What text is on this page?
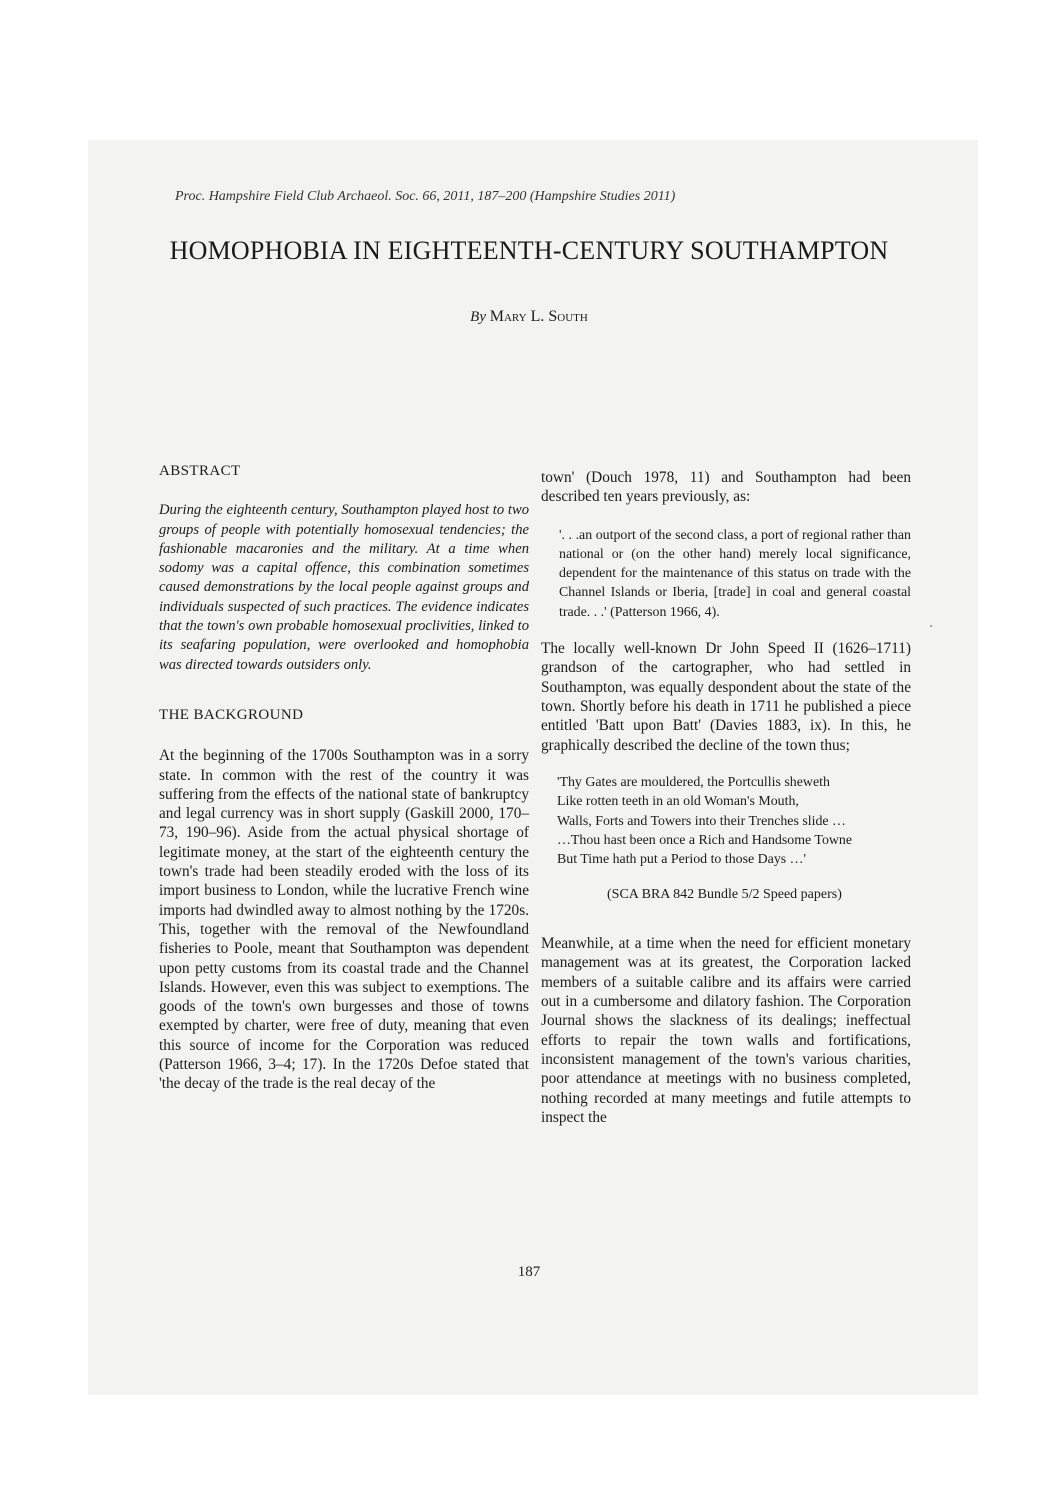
Proc. Hampshire Field Club Archaeol. Soc. 66, 2011, 187–200 (Hampshire Studies 2011)
HOMOPHOBIA IN EIGHTEENTH-CENTURY SOUTHAMPTON
By Mary L. South
ABSTRACT

During the eighteenth century, Southampton played host to two groups of people with potentially homosexual tendencies; the fashionable macaronies and the military. At a time when sodomy was a capital offence, this combination sometimes caused demonstrations by the local people against groups and individuals suspected of such practices. The evidence indicates that the town's own probable homosexual proclivities, linked to its seafaring population, were overlooked and homophobia was directed towards outsiders only.

THE BACKGROUND

At the beginning of the 1700s Southampton was in a sorry state. In common with the rest of the country it was suffering from the effects of the national state of bankruptcy and legal currency was in short supply (Gaskill 2000, 170–73, 190–96). Aside from the actual physical shortage of legitimate money, at the start of the eighteenth century the town's trade had been steadily eroded with the loss of its import business to London, while the lucrative French wine imports had dwindled away to almost nothing by the 1720s. This, together with the removal of the Newfoundland fisheries to Poole, meant that Southampton was dependent upon petty customs from its coastal trade and the Channel Islands. However, even this was subject to exemptions. The goods of the town's own burgesses and those of towns exempted by charter, were free of duty, meaning that even this source of income for the Corporation was reduced (Patterson 1966, 3–4; 17). In the 1720s Defoe stated that 'the decay of the trade is the real decay of the

town' (Douch 1978, 11) and Southampton had been described ten years previously, as:

'. . .an outport of the second class, a port of regional rather than national or (on the other hand) merely local significance, dependent for the maintenance of this status on trade with the Channel Islands or Iberia, [trade] in coal and general coastal trade. . .' (Patterson 1966, 4).

The locally well-known Dr John Speed II (1626–1711) grandson of the cartographer, who had settled in Southampton, was equally despondent about the state of the town. Shortly before his death in 1711 he published a piece entitled 'Batt upon Batt' (Davies 1883, ix). In this, he graphically described the decline of the town thus;

'Thy Gates are mouldered, the Portcullis sheweth
Like rotten teeth in an old Woman's Mouth,
Walls, Forts and Towers into their Trenches slide …
…Thou hast been once a Rich and Handsome Towne
But Time hath put a Period to those Days …'
(SCA BRA 842 Bundle 5/2 Speed papers)

Meanwhile, at a time when the need for efficient monetary management was at its greatest, the Corporation lacked members of a suitable calibre and its affairs were carried out in a cumbersome and dilatory fashion. The Corporation Journal shows the slackness of its dealings; ineffectual efforts to repair the town walls and fortifications, inconsistent management of the town's various charities, poor attendance at meetings with no business completed, nothing recorded at many meetings and futile attempts to inspect the

187
